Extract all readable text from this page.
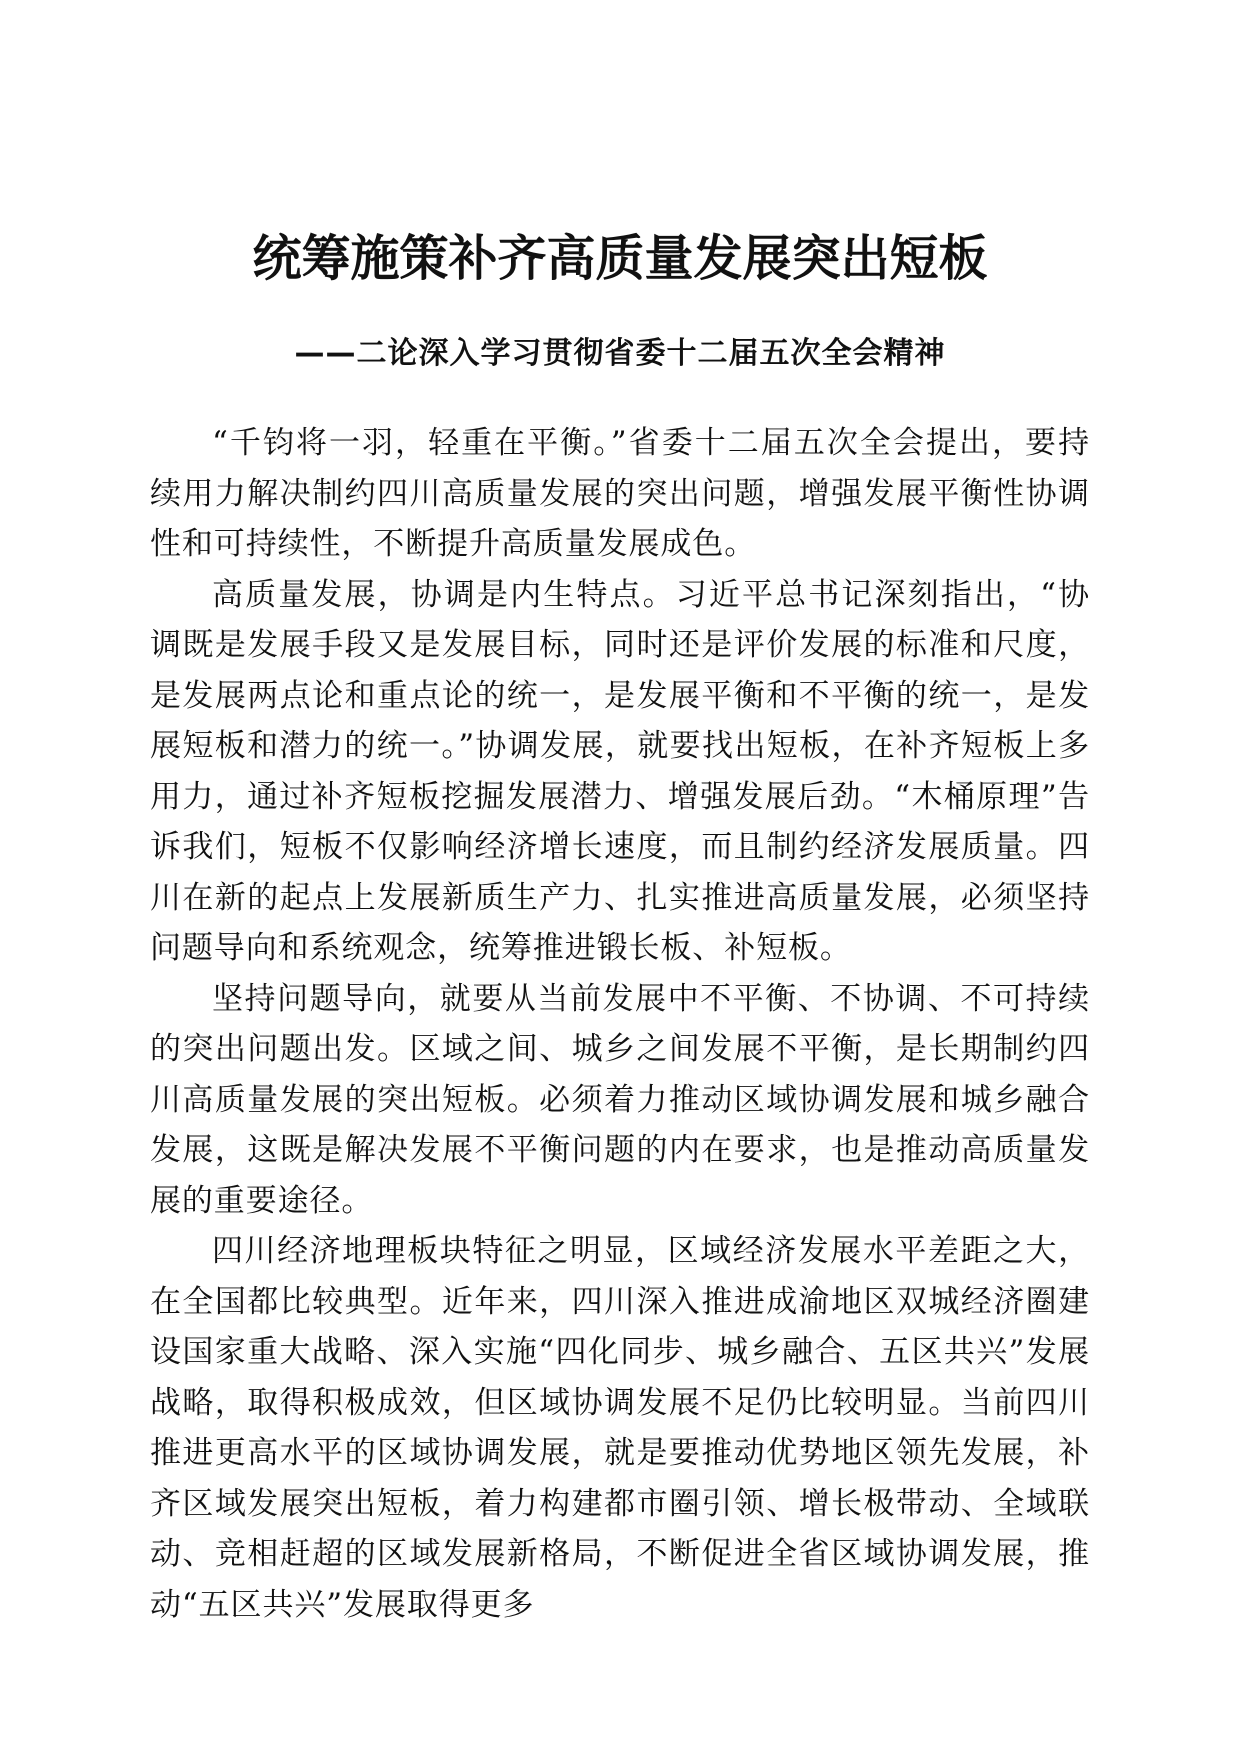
统筹施策补齐高质量发展突出短板
——二论深入学习贯彻省委十二届五次全会精神

“千钧将一羽，轻重在平衡。”省委十二届五次全会提出，要持续用力解决制约四川高质量发展的突出问题，增强发展平衡性协调性和可持续性，不断提升高质量发展成色。

高质量发展，协调是内生特点。习近平总书记深刻指出，“协调既是发展手段又是发展目标，同时还是评价发展的标准和尺度，是发展两点论和重点论的统一，是发展平衡和不平衡的统一，是发展短板和潜力的统一。”协调发展，就要找出短板，在补齐短板上多用力，通过补齐短板挖掘发展潜力、增强发展后劲。“木桶原理”告诉我们，短板不仅影响经济增长速度，而且制约经济发展质量。四川在新的起点上发展新质生产力、扎实推进高质量发展，必须坚持问题导向和系统观念，统筹推进锻长板、补短板。

坚持问题导向，就要从当前发展中不平衡、不协调、不可持续的突出问题出发。区域之间、城乡之间发展不平衡，是长期制约四川高质量发展的突出短板。必须着力推动区域协调发展和城乡融合发展，这既是解决发展不平衡问题的内在要求，也是推动高质量发展的重要途径。

四川经济地理板块特征之明显，区域经济发展水平差距之大，在全国都比较典型。近年来，四川深入推进成渝地区双城经济圈建设国家重大战略、深入实施“四化同步、城乡融合、五区共兴”发展战略，取得积极成效，但区域协调发展不足仍比较明显。当前四川推进更高水平的区域协调发展，就是要推动优势地区领先发展，补齐区域发展突出短板，着力构建都市圈引领、增长极带动、全域联动、竞相赶超的区域发展新格局，不断促进全省区域协调发展，推动“五区共兴”发展取得更多
